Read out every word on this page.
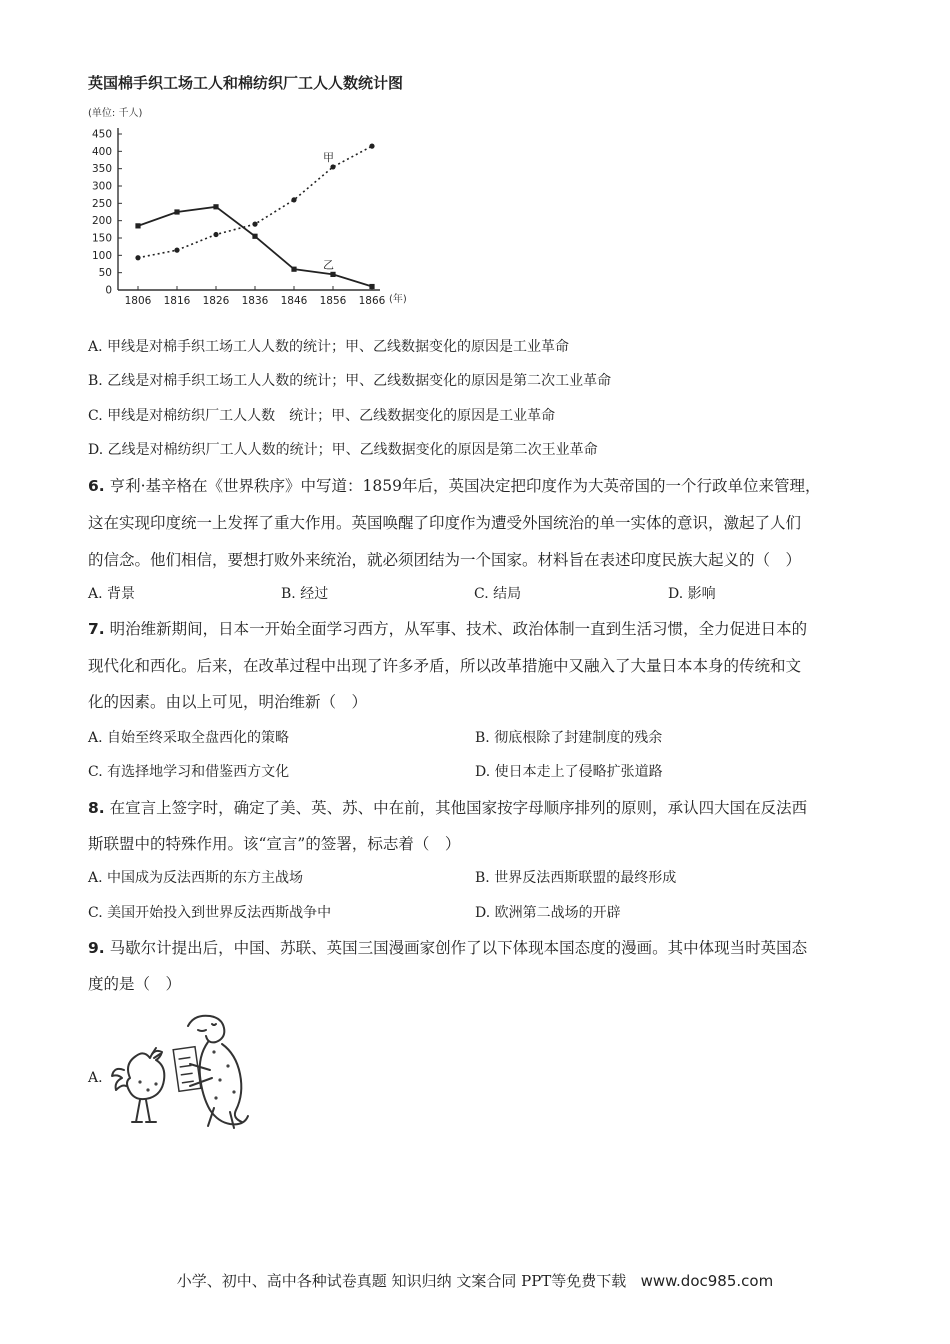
英国棉手织工场工人和棉纺织厂工人人数统计图
(单位: 千人)
0
50
100
150
200
250
300
350
400
450
1806 1816 1826 1836 1846 1856 1866
甲
乙
(年)
A. 甲线是对棉手织工场工人人数的统计；甲、乙线数据变化的原因是工业革命
B. 乙线是对棉手织工场工人人数的统计；甲、乙线数据变化的原因是第二次工业革命
C. 甲线是对棉纺织厂工人人数　统计；甲、乙线数据变化的原因是工业革命
D. 乙线是对棉纺织厂工人人数的统计；甲、乙线数据变化的原因是第二次王业革命
6. 亨利·基辛格在《世界秩序》中写道：1859年后，英国决定把印度作为大英帝国的一个行政单位来管理，
这在实现印度统一上发挥了重大作用。英国唤醒了印度作为遭受外国统治的单一实体的意识，激起了人们
的信念。他们相信，要想打败外来统治，就必须团结为一个国家。材料旨在表述印度民族大起义的（　）
A. 背景	B. 经过	C. 结局	D. 影响
7. 明治维新期间，日本一开始全面学习西方，从军事、技术、政治体制一直到生活习惯，全力促进日本的
现代化和西化。后来，在改革过程中出现了许多矛盾，所以改革措施中又融入了大量日本本身的传统和文
化的因素。由以上可见，明治维新（　）
A. 自始至终采取全盘西化的策略	B. 彻底根除了封建制度的残余
C. 有选择地学习和借鉴西方文化	D. 使日本走上了侵略扩张道路
8. 在宣言上签字时，确定了美、英、苏、中在前，其他国家按字母顺序排列的原则，承认四大国在反法西
斯联盟中的特殊作用。该“宣言”的签署，标志着（　）
A. 中国成为反法西斯的东方主战场	B. 世界反法西斯联盟的最终形成
C. 美国开始投入到世界反法西斯战争中	D. 欧洲第二战场的开辟
9. 马歇尔计提出后，中国、苏联、英国三国漫画家创作了以下体现本国态度的漫画。其中体现当时英国态
度的是（　）
A.
小学、初中、高中各种试卷真题 知识归纳 文案合同 PPT等免费下载 www.doc985.com
